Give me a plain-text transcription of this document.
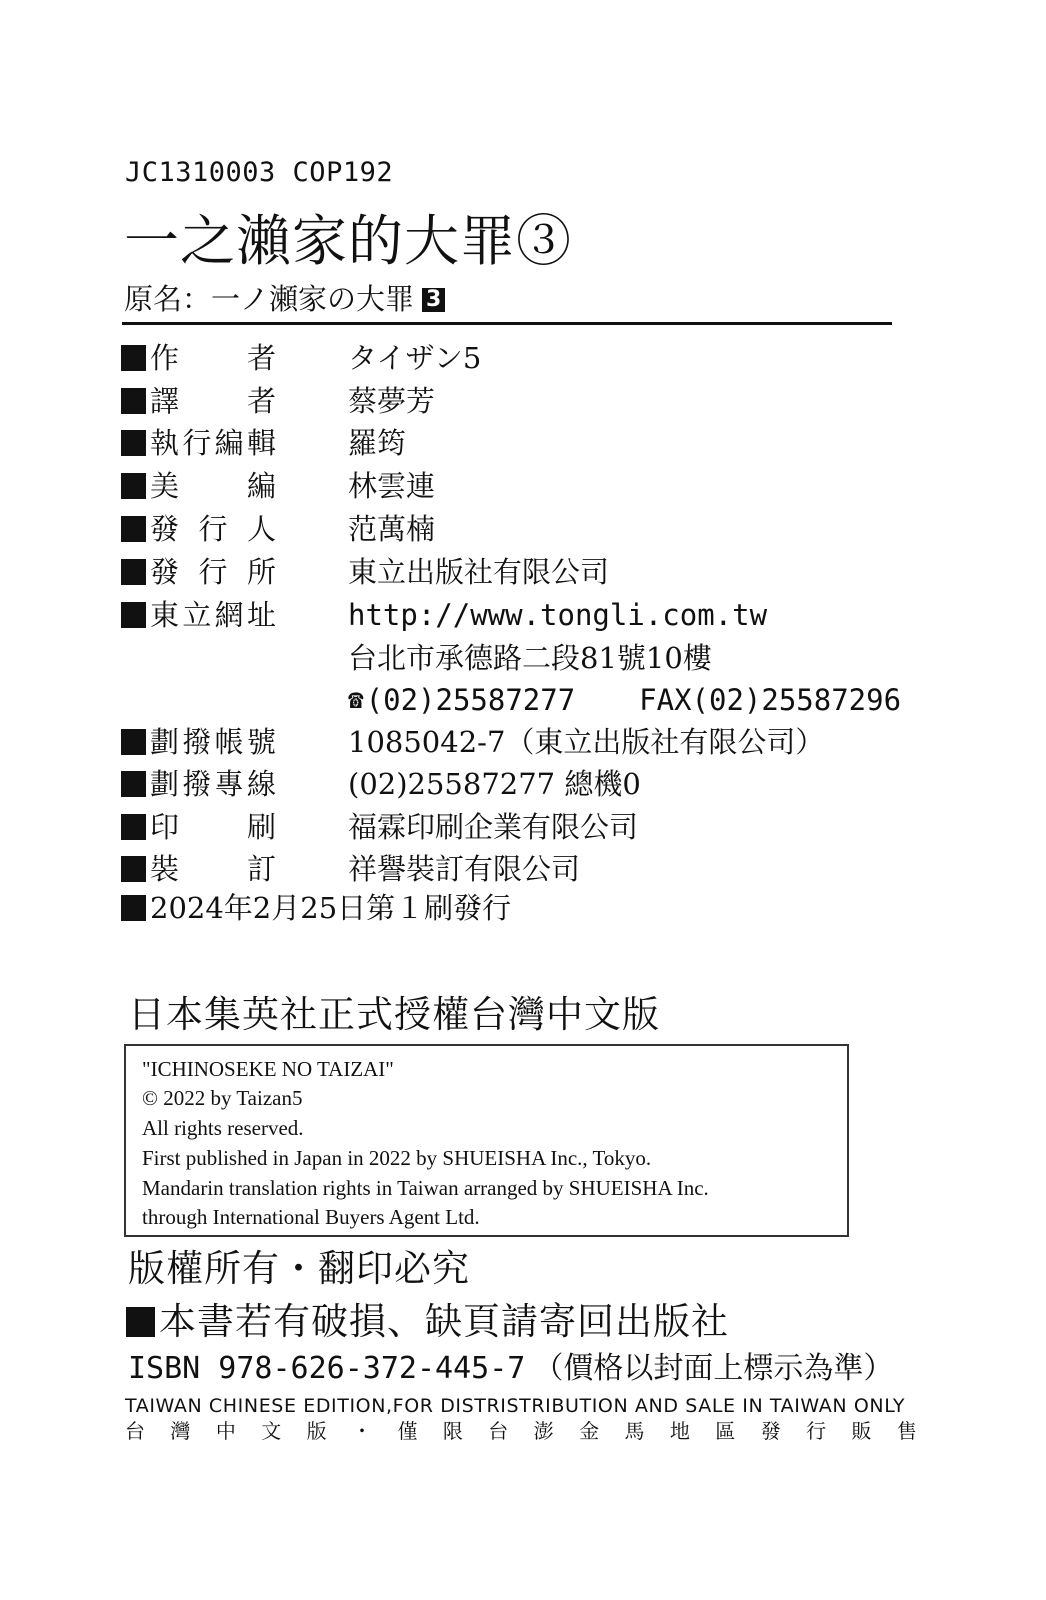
JC1310003 COP192
一之瀨家的大罪③
原名：一ノ瀬家の大罪 3
作　者 タイザン5
譯　者 蔡夢芳
執行編輯 羅筠
美　編 林雲連
發行人 范萬楠
發行所 東立出版社有限公司
東立網址 http://www.tongli.com.tw
台北市承德路二段81號10樓
☎ (02)25587277 FAX(02)25587296
劃撥帳號 1085042-7（東立出版社有限公司）
劃撥專線 (02)25587277 總機0
印　刷 福霖印刷企業有限公司
裝　訂 祥譽裝訂有限公司
2024年2月25日第１刷發行
日本集英社正式授權台灣中文版
"ICHINOSEKE NO TAIZAI"
© 2022 by Taizan5
All rights reserved.
First published in Japan in 2022 by SHUEISHA Inc., Tokyo.
Mandarin translation rights in Taiwan arranged by SHUEISHA Inc.
through International Buyers Agent Ltd.
版權所有・翻印必究
本書若有破損、缺頁請寄回出版社
ISBN 978-626-372-445-7 （價格以封面上標示為準）
TAIWAN CHINESE EDITION,FOR DISTRISTRIBUTION AND SALE IN TAIWAN ONLY
台 灣 中 文 版 ・ 僅 限 台 澎 金 馬 地 區 發 行 販 售
